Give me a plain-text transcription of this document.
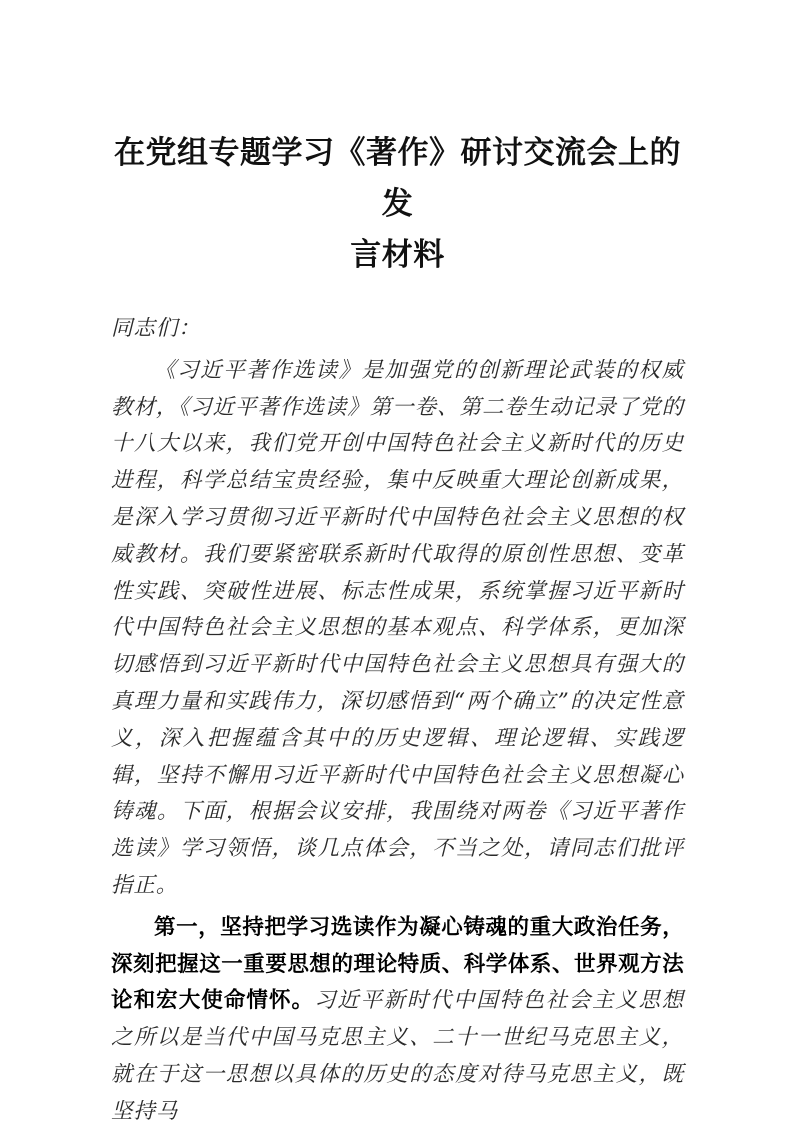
在党组专题学习《著作》研讨交流会上的发
言材料

同志们：

《习近平著作选读》是加强党的创新理论武装的权威教材，《习近平著作选读》第一卷、第二卷生动记录了党的十八大以来，我们党开创中国特色社会主义新时代的历史进程，科学总结宝贵经验，集中反映重大理论创新成果，是深入学习贯彻习近平新时代中国特色社会主义思想的权威教材。我们要紧密联系新时代取得的原创性思想、变革性实践、突破性进展、标志性成果，系统掌握习近平新时代中国特色社会主义思想的基本观点、科学体系，更加深切感悟到习近平新时代中国特色社会主义思想具有强大的真理力量和实践伟力，深切感悟到“两个确立”的决定性意义，深入把握蕴含其中的历史逻辑、理论逻辑、实践逻辑，坚持不懈用习近平新时代中国特色社会主义思想凝心铸魂。下面，根据会议安排，我围绕对两卷《习近平著作选读》学习领悟，谈几点体会，不当之处，请同志们批评指正。

第一，坚持把学习选读作为凝心铸魂的重大政治任务，深刻把握这一重要思想的理论特质、科学体系、世界观方法论和宏大使命情怀。习近平新时代中国特色社会主义思想之所以是当代中国马克思主义、二十一世纪马克思主义，就在于这一思想以具体的历史的态度对待马克思主义，既坚持马
